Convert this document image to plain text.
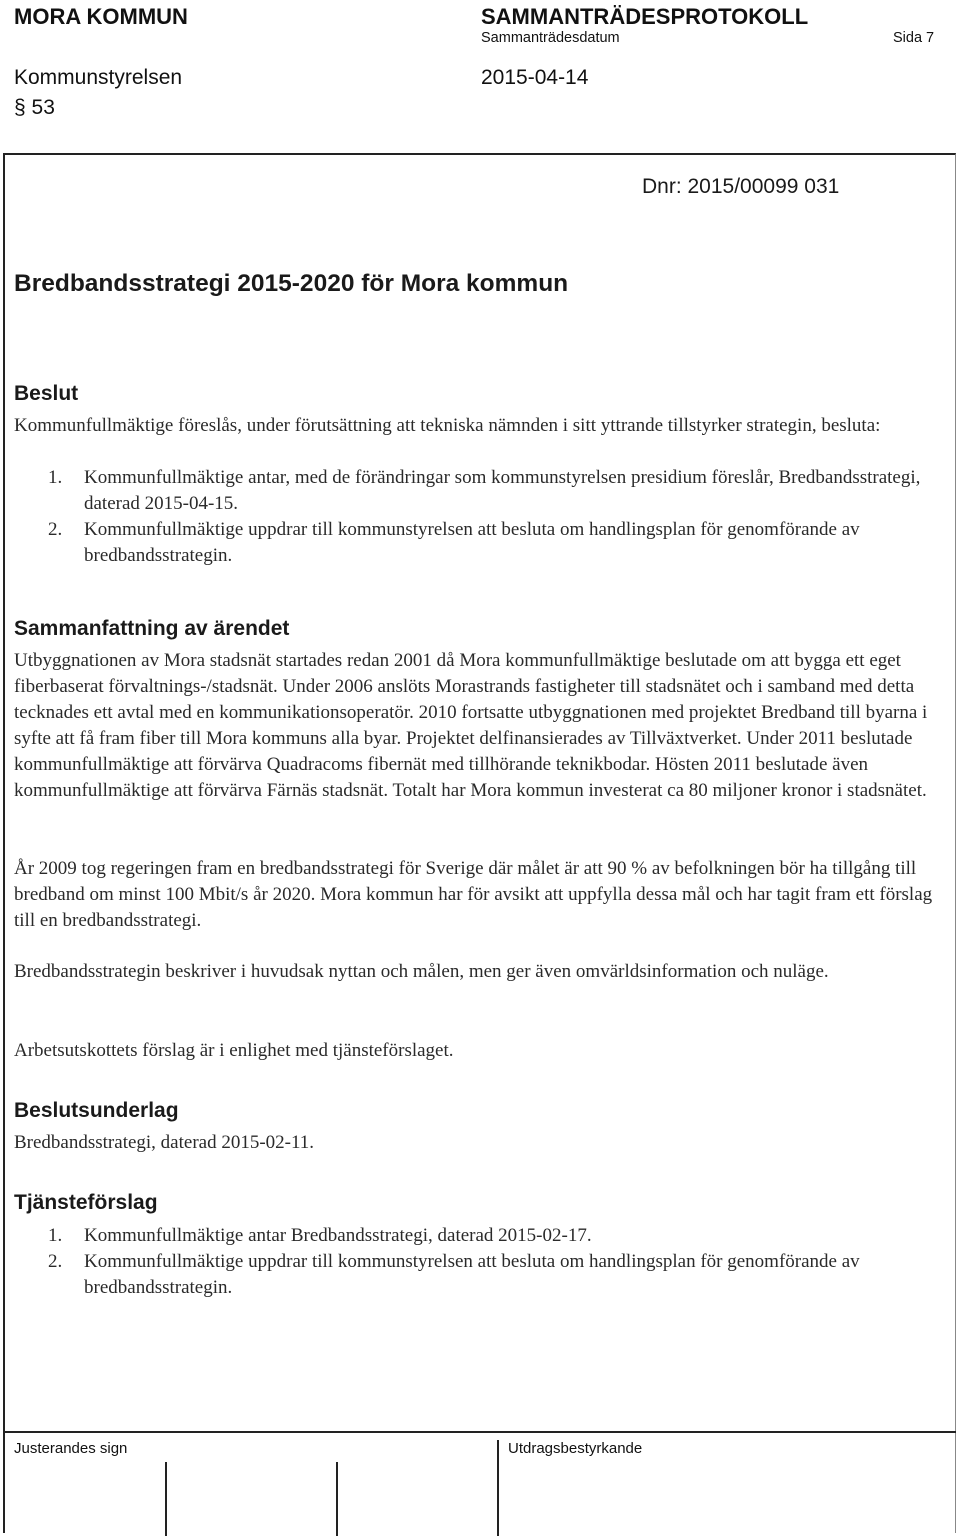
MORA KOMMUN	SAMMANTRÄDESPROTOKOLL
Sammanträdesdatum	Sida 7
Kommunstyrelsen	2015-04-14
§ 53
Dnr: 2015/00099 031
Bredbandsstrategi 2015-2020 för Mora kommun
Beslut

Kommunfullmäktige föreslås, under förutsättning att tekniska nämnden i sitt yttrande tillstyrker strategin, besluta:

1. Kommunfullmäktige antar, med de förändringar som kommunstyrelsen presidium föreslår, Bredbandsstrategi, daterad 2015-04-15.
2. Kommunfullmäktige uppdrar till kommunstyrelsen att besluta om handlingsplan för genomförande av bredbandsstrategin.
Sammanfattning av ärendet

Utbyggnationen av Mora stadsnät startades redan 2001 då Mora kommunfullmäktige beslutade om att bygga ett eget fiberbaserat förvaltnings-/stadsnät. Under 2006 anslöts Morastrands fastigheter till stadsnätet och i samband med detta tecknades ett avtal med en kommunikationsoperatör. 2010 fortsatte utbyggnationen med projektet Bredband till byarna i syfte att få fram fiber till Mora kommuns alla byar. Projektet delfinansierades av Tillväxtverket. Under 2011 beslutade kommunfullmäktige att förvärva Quadracoms fibernät med tillhörande teknikbodar. Hösten 2011 beslutade även kommunfullmäktige att förvärva Färnäs stadsnät. Totalt har Mora kommun investerat ca 80 miljoner kronor i stadsnätet.

År 2009 tog regeringen fram en bredbandsstrategi för Sverige där målet är att 90 % av befolkningen bör ha tillgång till bredband om minst 100 Mbit/s år 2020. Mora kommun har för avsikt att uppfylla dessa mål och har tagit fram ett förslag till en bredbandsstrategi.

Bredbandsstrategin beskriver i huvudsak nyttan och målen, men ger även omvärldsinformation och nuläge.

Arbetsutskottets förslag är i enlighet med tjänsteförslaget.

Beslutsunderlag

Bredbandsstrategi, daterad 2015-02-11.

Tjänsteförslag
1. Kommunfullmäktige antar Bredbandsstrategi, daterad 2015-02-17.
2. Kommunfullmäktige uppdrar till kommunstyrelsen att besluta om handlingsplan för genomförande av bredbandsstrategin.
Justerandes sign	Utdragsbestyrkande
